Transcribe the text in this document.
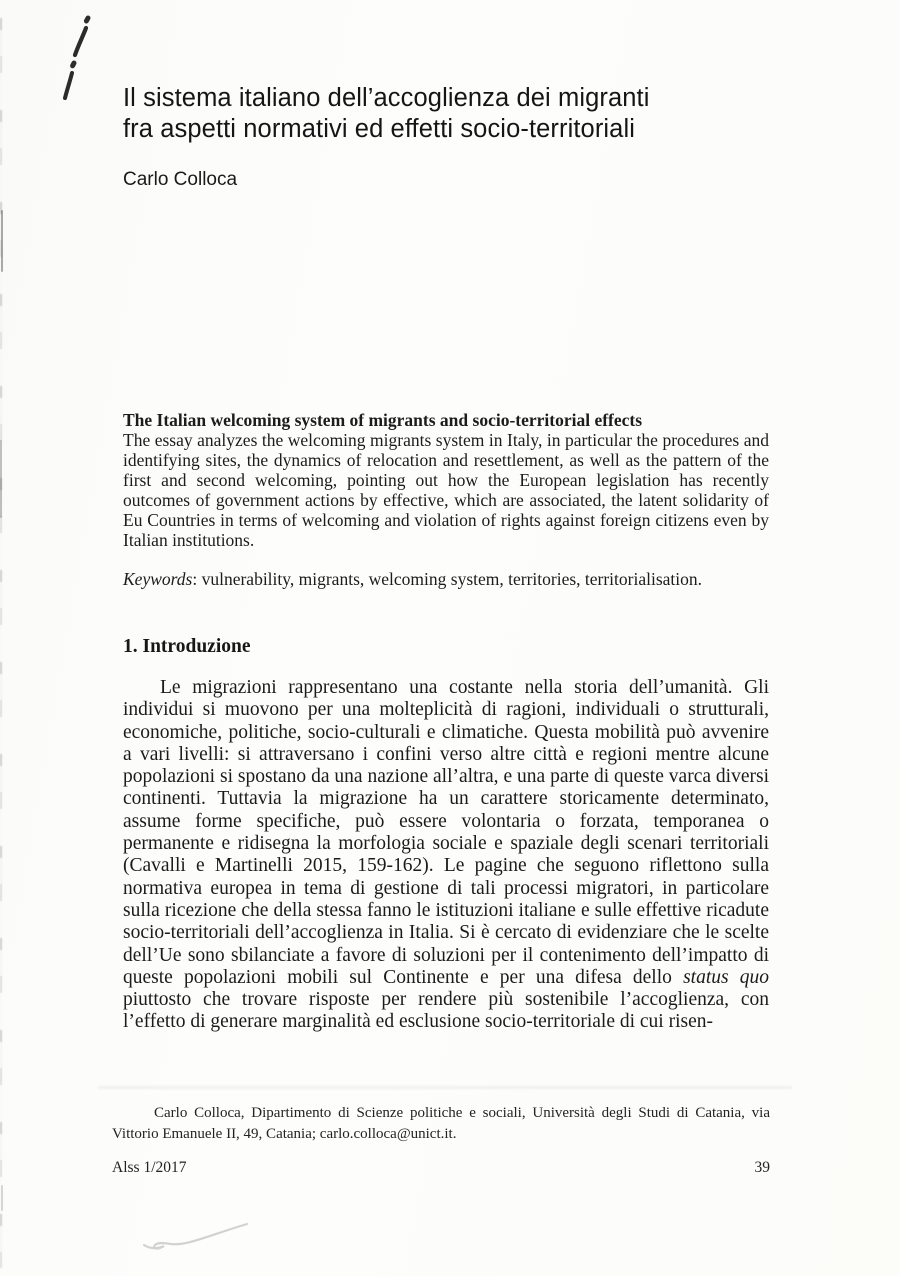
Il sistema italiano dell’accoglienza dei migranti
fra aspetti normativi ed effetti socio-territoriali
Carlo Colloca
The Italian welcoming system of migrants and socio-territorial effects
The essay analyzes the welcoming migrants system in Italy, in particular the procedures and identifying sites, the dynamics of relocation and resettlement, as well as the pattern of the first and second welcoming, pointing out how the European legislation has recently outcomes of government actions by effective, which are associated, the latent solidarity of Eu Countries in terms of welcoming and violation of rights against foreign citizens even by Italian institutions.
Keywords: vulnerability, migrants, welcoming system, territories, territorialisation.
1. Introduzione
Le migrazioni rappresentano una costante nella storia dell’umanità. Gli individui si muovono per una molteplicità di ragioni, individuali o strutturali, economiche, politiche, socio-culturali e climatiche. Questa mobilità può avvenire a vari livelli: si attraversano i confini verso altre città e regioni mentre alcune popolazioni si spostano da una nazione all’altra, e una parte di queste varca diversi continenti. Tuttavia la migrazione ha un carattere storicamente determinato, assume forme specifiche, può essere volontaria o forzata, temporanea o permanente e ridisegna la morfologia sociale e spaziale degli scenari territoriali (Cavalli e Martinelli 2015, 159-162). Le pagine che seguono riflettono sulla normativa europea in tema di gestione di tali processi migratori, in particolare sulla ricezione che della stessa fanno le istituzioni italiane e sulle effettive ricadute socio-territoriali dell’accoglienza in Italia. Si è cercato di evidenziare che le scelte dell’Ue sono sbilanciate a favore di soluzioni per il contenimento dell’impatto di queste popolazioni mobili sul Continente e per una difesa dello status quo piuttosto che trovare risposte per rendere più sostenibile l’accoglienza, con l’effetto di generare marginalità ed esclusione socio-territoriale di cui risen-
Carlo Colloca, Dipartimento di Scienze politiche e sociali, Università degli Studi di Catania, via Vittorio Emanuele II, 49, Catania; carlo.colloca@unict.it.
Alss 1/2017	39
